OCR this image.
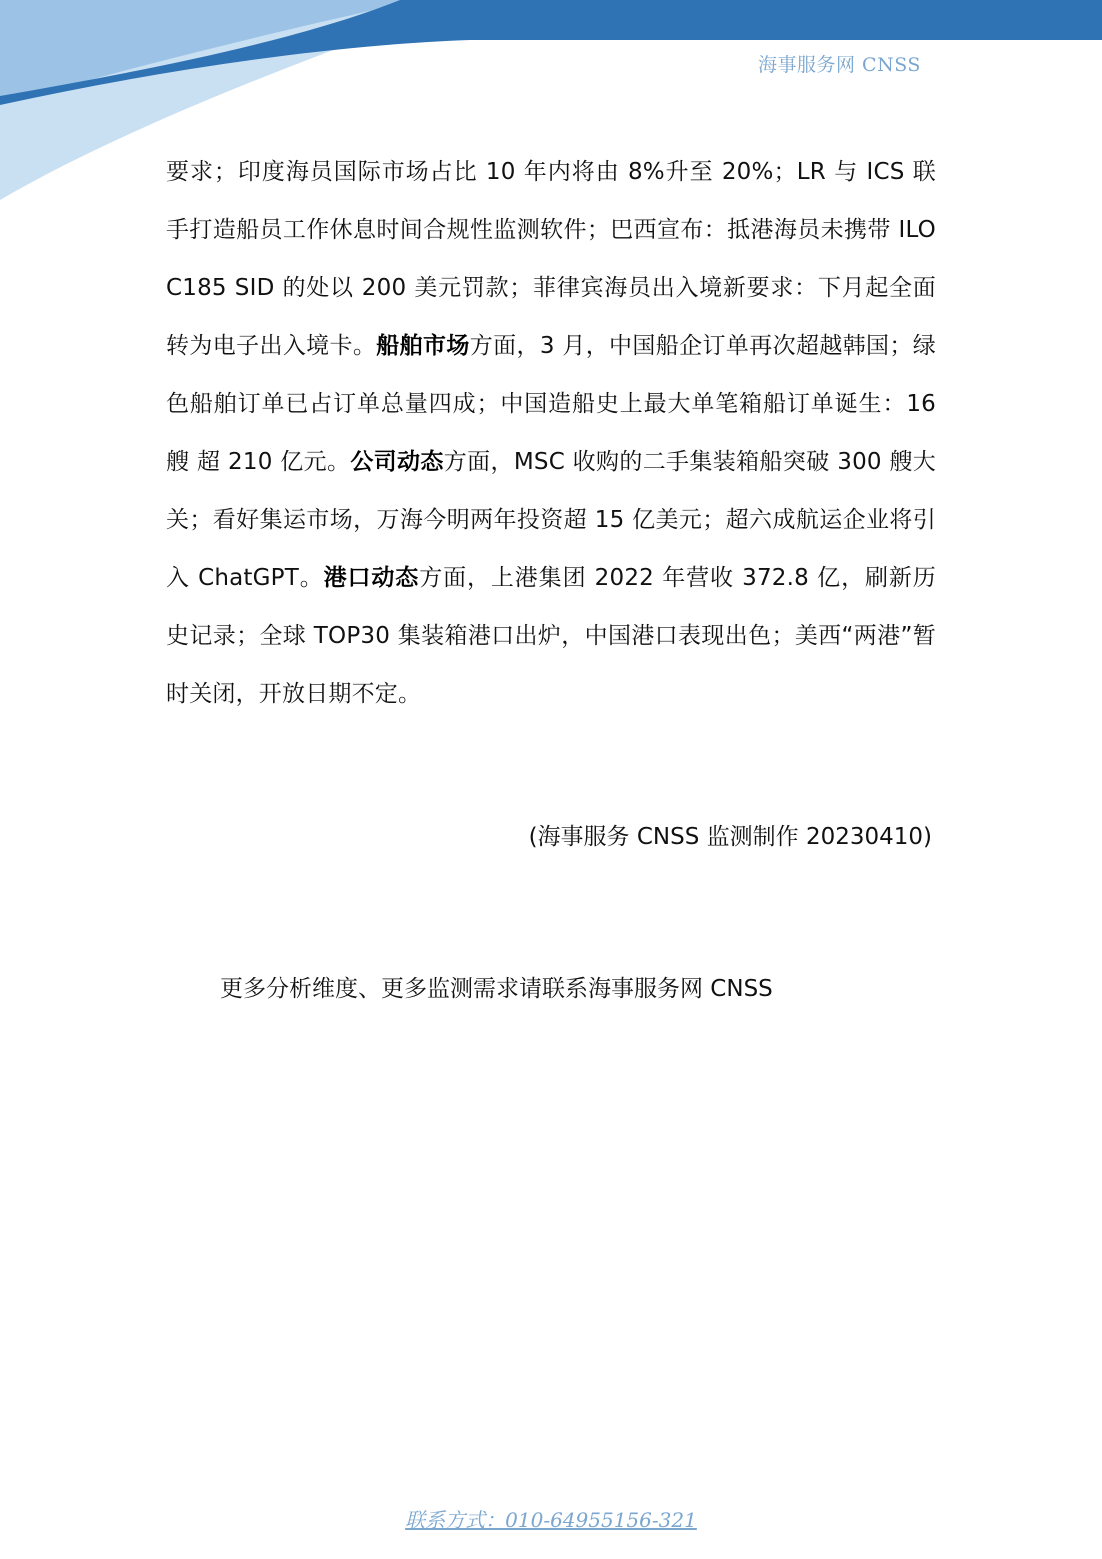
海事服务网 CNSS
要求；印度海员国际市场占比 10 年内将由 8%升至 20%；LR 与 ICS 联手打造船员工作休息时间合规性监测软件；巴西宣布：抵港海员未携带 ILO C185 SID 的处以 200 美元罚款；菲律宾海员出入境新要求：下月起全面转为电子出入境卡。船舶市场方面，3 月，中国船企订单再次超越韩国；绿色船舶订单已占订单总量四成；中国造船史上最大单笔箱船订单诞生：16 艘 超 210 亿元。公司动态方面，MSC 收购的二手集装箱船突破 300 艘大关；看好集运市场，万海今明两年投资超 15 亿美元；超六成航运企业将引入 ChatGPT。港口动态方面，上港集团 2022 年营收 372.8 亿，刷新历史记录；全球 TOP30 集装箱港口出炉，中国港口表现出色；美西“两港”暂时关闭，开放日期不定。
(海事服务 CNSS 监测制作 20230410)
更多分析维度、更多监测需求请联系海事服务网 CNSS
联系方式：010-64955156-321
